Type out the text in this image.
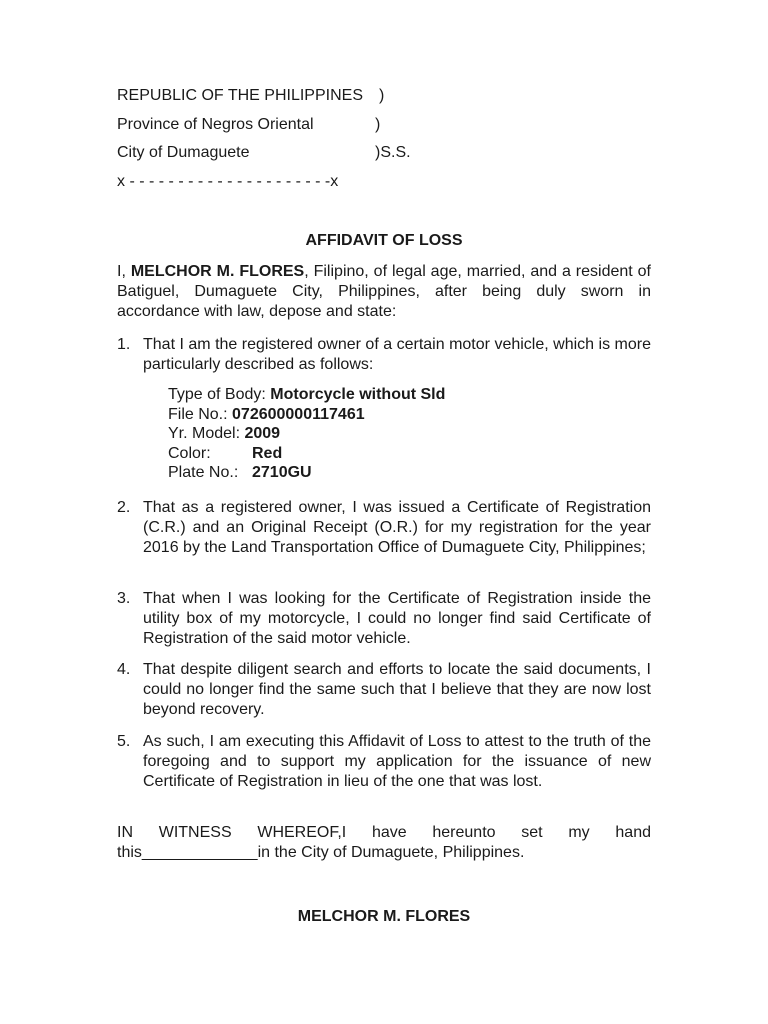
REPUBLIC OF THE PHILIPPINES )
Province of Negros Oriental	)
City of Dumaguete	)S.S.
x - - - - - - - - - - - - - - - - - - - - -x
AFFIDAVIT OF LOSS
I, MELCHOR M. FLORES, Filipino, of legal age, married, and a resident of Batiguel, Dumaguete City, Philippines, after being duly sworn in accordance with law, depose and state:
1. That I am the registered owner of a certain motor vehicle, which is more particularly described as follows:
Type of Body: Motorcycle without Sld
File No.: 072600000117461
Yr. Model: 2009
Color:	Red
Plate No.: 2710GU
2. That as a registered owner, I was issued a Certificate of Registration (C.R.) and an Original Receipt (O.R.) for my registration for the year 2016 by the Land Transportation Office of Dumaguete City, Philippines;
3. That when I was looking for the Certificate of Registration inside the utility box of my motorcycle, I could no longer find said Certificate of Registration of the said motor vehicle.
4. That despite diligent search and efforts to locate the said documents, I could no longer find the same such that I believe that they are now lost beyond recovery.
5. As such, I am executing this Affidavit of Loss to attest to the truth of the foregoing and to support my application for the issuance of new Certificate of Registration in lieu of the one that was lost.
IN WITNESS WHEREOF,I have hereunto set my hand
this_____________in the City of Dumaguete, Philippines.
MELCHOR M. FLORES
